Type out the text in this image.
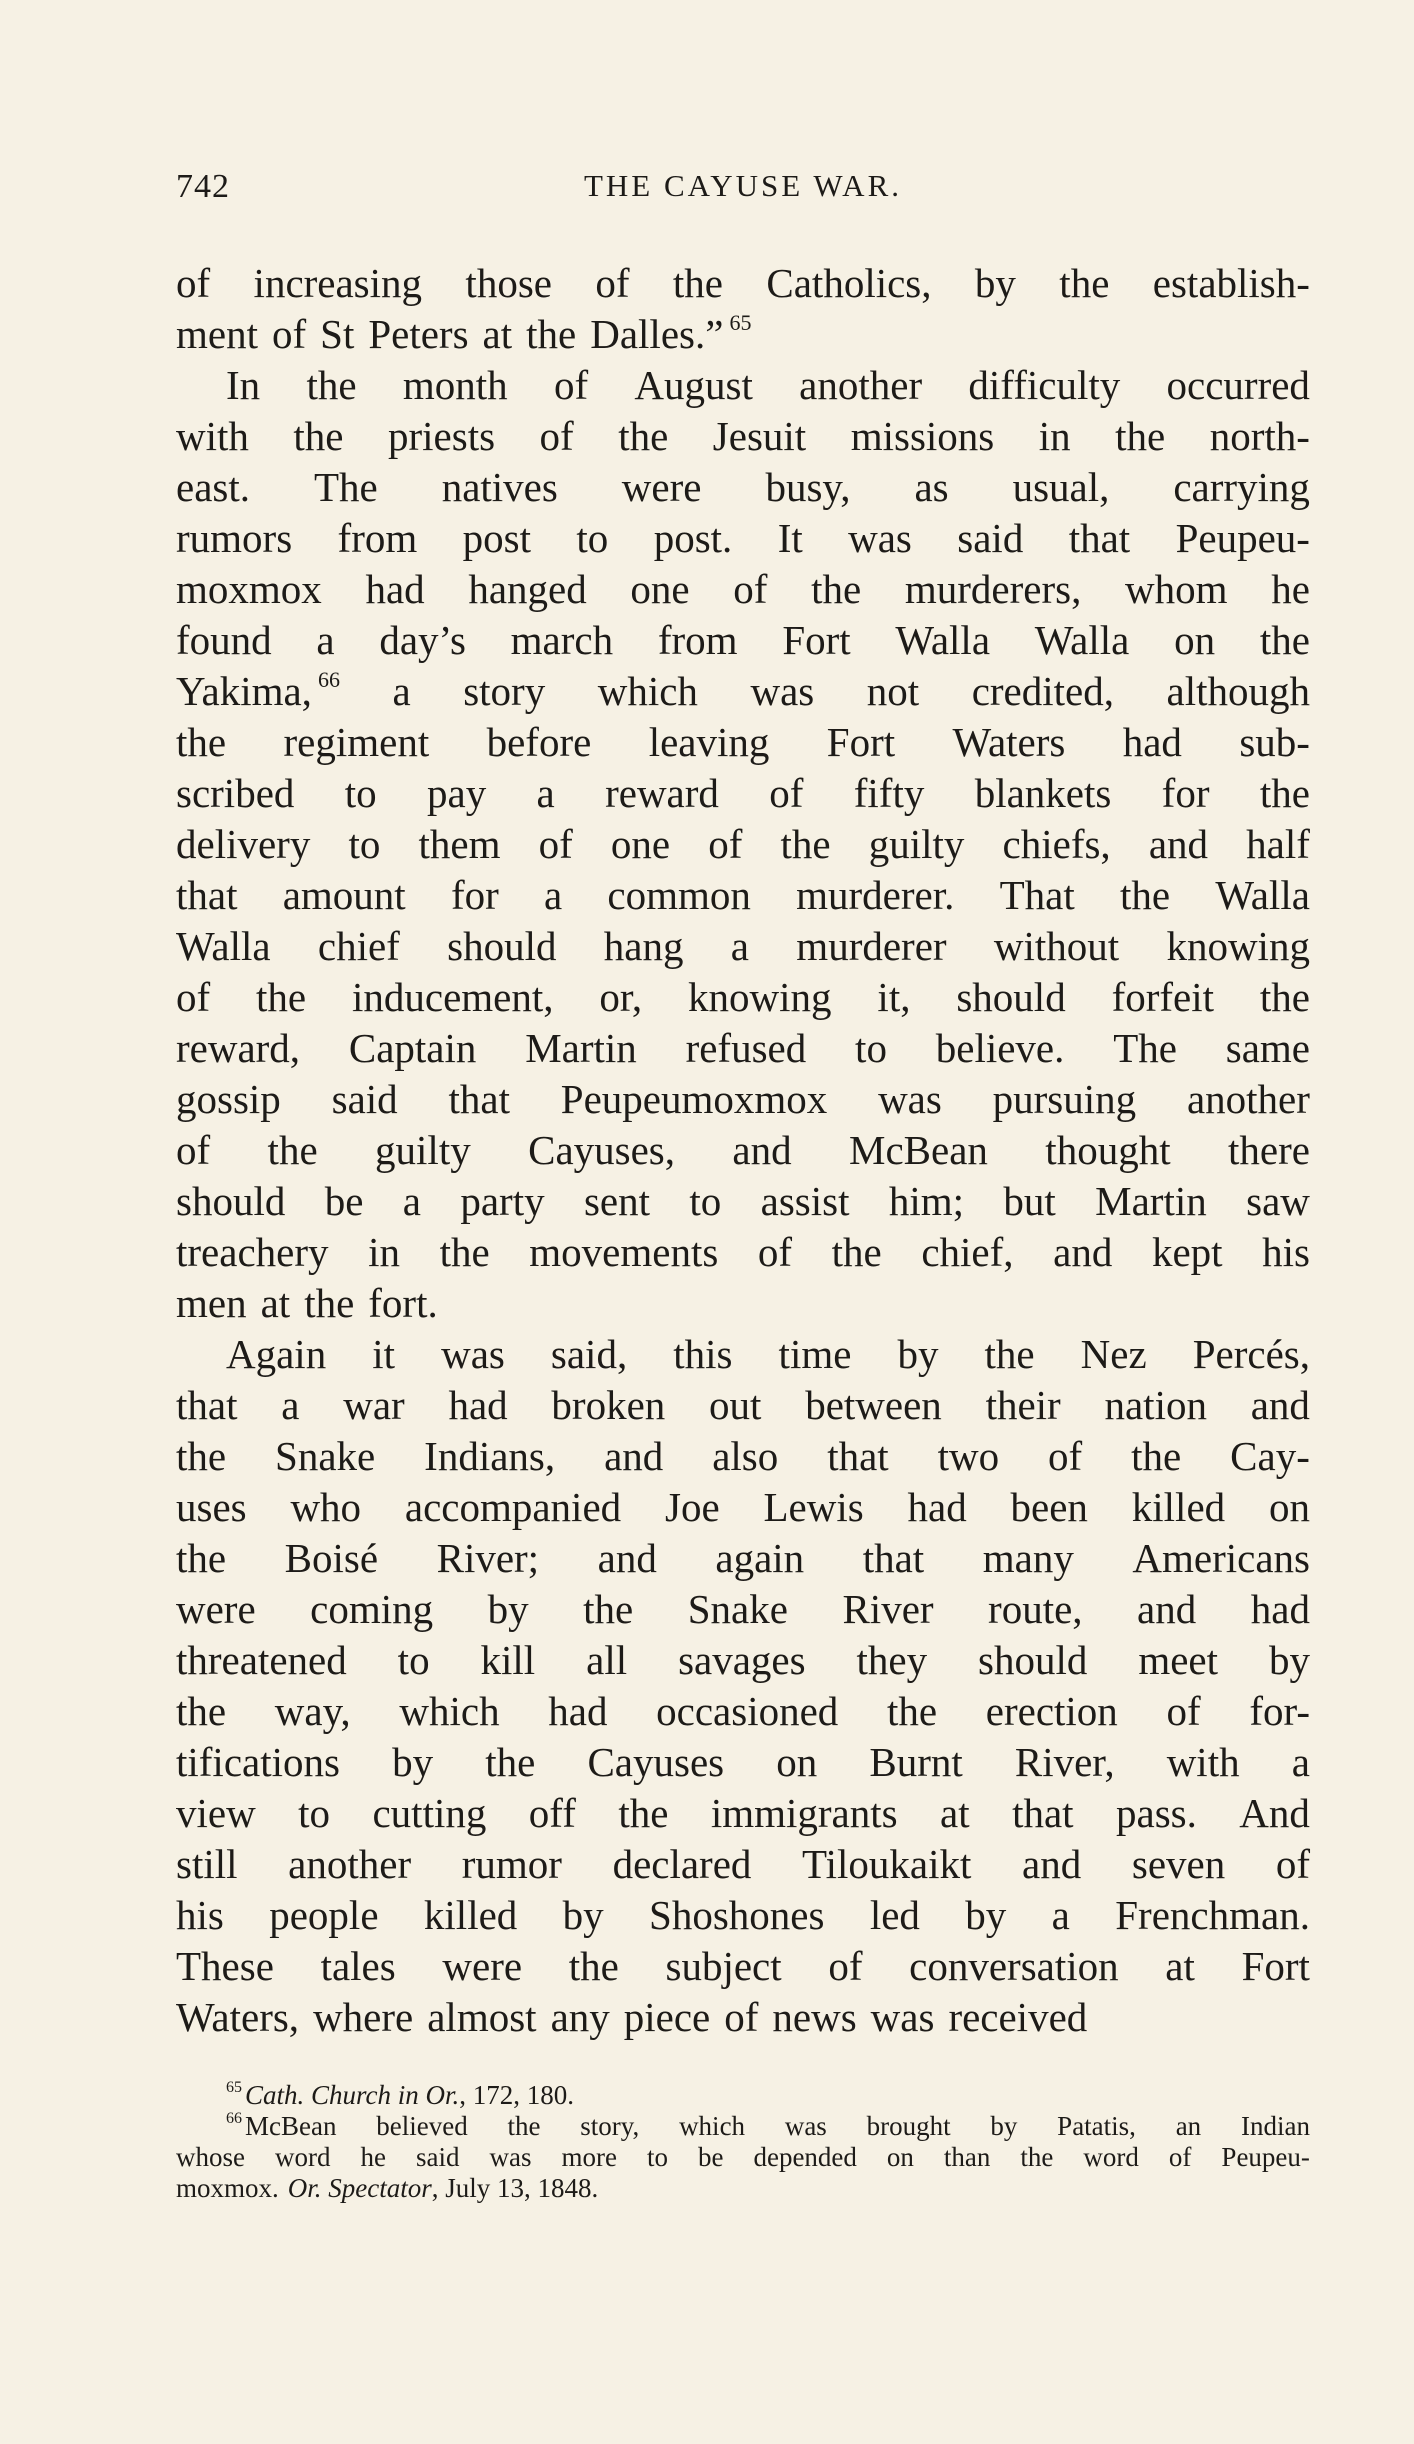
742	THE CAYUSE WAR.
of increasing those of the Catholics, by the establish-
ment of St Peters at the Dalles.” $^{65}$
In the month of August another difficulty occurred
with the priests of the Jesuit missions in the north-
east. The natives were busy, as usual, carrying
rumors from post to post. It was said that Peupeu-
moxmox had hanged one of the murderers, whom he
found a day’s march from Fort Walla Walla on the
Yakima, $^{66}$ a story which was not credited, although
the regiment before leaving Fort Waters had sub-
scribed to pay a reward of fifty blankets for the
delivery to them of one of the guilty chiefs, and half
that amount for a common murderer. That the Walla
Walla chief should hang a murderer without knowing
of the inducement, or, knowing it, should forfeit the
reward, Captain Martin refused to believe. The same
gossip said that Peupeumoxmox was pursuing another
of the guilty Cayuses, and McBean thought there
should be a party sent to assist him; but Martin saw
treachery in the movements of the chief, and kept his
men at the fort.
Again it was said, this time by the Nez Percés,
that a war had broken out between their nation and
the Snake Indians, and also that two of the Cay-
uses who accompanied Joe Lewis had been killed on
the Boisé River; and again that many Americans
were coming by the Snake River route, and had
threatened to kill all savages they should meet by
the way, which had occasioned the erection of for-
tifications by the Cayuses on Burnt River, with a
view to cutting off the immigrants at that pass. And
still another rumor declared Tiloukaikt and seven of
his people killed by Shoshones led by a Frenchman.
These tales were the subject of conversation at Fort
Waters, where almost any piece of news was received
$^{65}$ Cath. Church in Or., 172, 180.
$^{66}$ McBean believed the story, which was brought by Patatis, an Indian
whose word he said was more to be depended on than the word of Peupeu-
moxmox. Or. Spectator, July 13, 1848.
